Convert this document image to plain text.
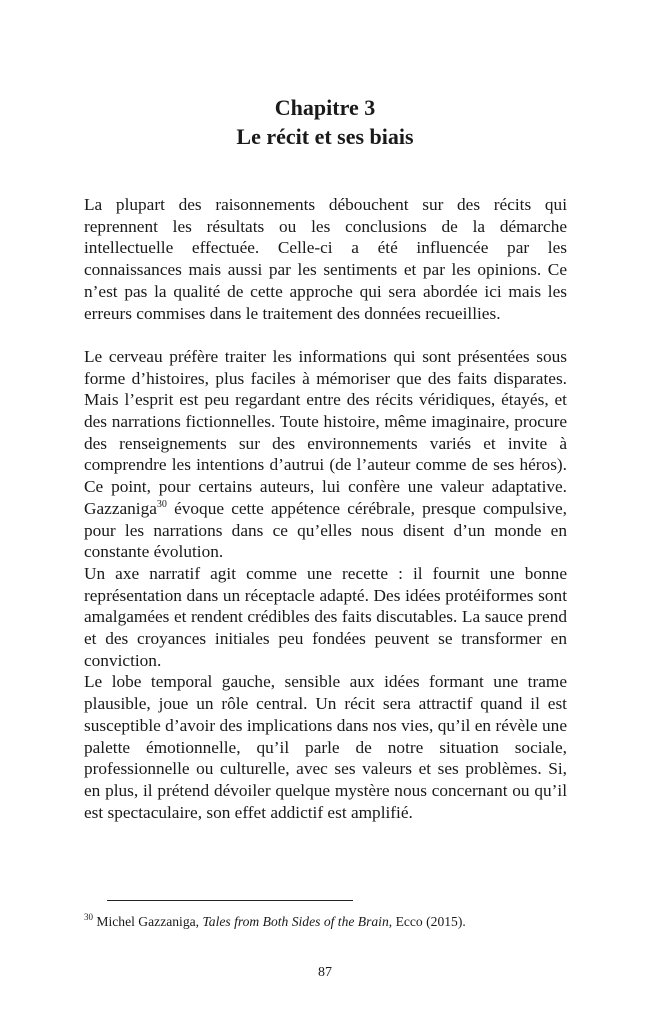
Chapitre 3
Le récit et ses biais

La plupart des raisonnements débouchent sur des récits qui reprennent les résultats ou les conclusions de la démarche intellectuelle effectuée. Celle-ci a été influencée par les connaissances mais aussi par les sentiments et par les opinions. Ce n’est pas la qualité de cette approche qui sera abordée ici mais les erreurs commises dans le traitement des données recueillies.

Le cerveau préfère traiter les informations qui sont présentées sous forme d’histoires, plus faciles à mémoriser que des faits disparates. Mais l’esprit est peu regardant entre des récits véridiques, étayés, et des narrations fictionnelles. Toute histoire, même imaginaire, procure des renseignements sur des environnements variés et invite à comprendre les intentions d’autrui (de l’auteur comme de ses héros). Ce point, pour certains auteurs, lui confère une valeur adaptative. Gazzaniga$^{30}$ évoque cette appétence cérébrale, presque compulsive, pour les narrations dans ce qu’elles nous disent d’un monde en constante évolution.

Un axe narratif agit comme une recette : il fournit une bonne représentation dans un réceptacle adapté. Des idées protéiformes sont amalgamées et rendent crédibles des faits discutables. La sauce prend et des croyances initiales peu fondées peuvent se transformer en conviction.

Le lobe temporal gauche, sensible aux idées formant une trame plausible, joue un rôle central. Un récit sera attractif quand il est susceptible d’avoir des implications dans nos vies, qu’il en révèle une palette émotionnelle, qu’il parle de notre situation sociale, professionnelle ou culturelle, avec ses valeurs et ses problèmes. Si, en plus, il prétend dévoiler quelque mystère nous concernant ou qu’il est spectaculaire, son effet addictif est amplifié.

$^{30}$ Michel Gazzaniga, Tales from Both Sides of the Brain, Ecco (2015).
87
